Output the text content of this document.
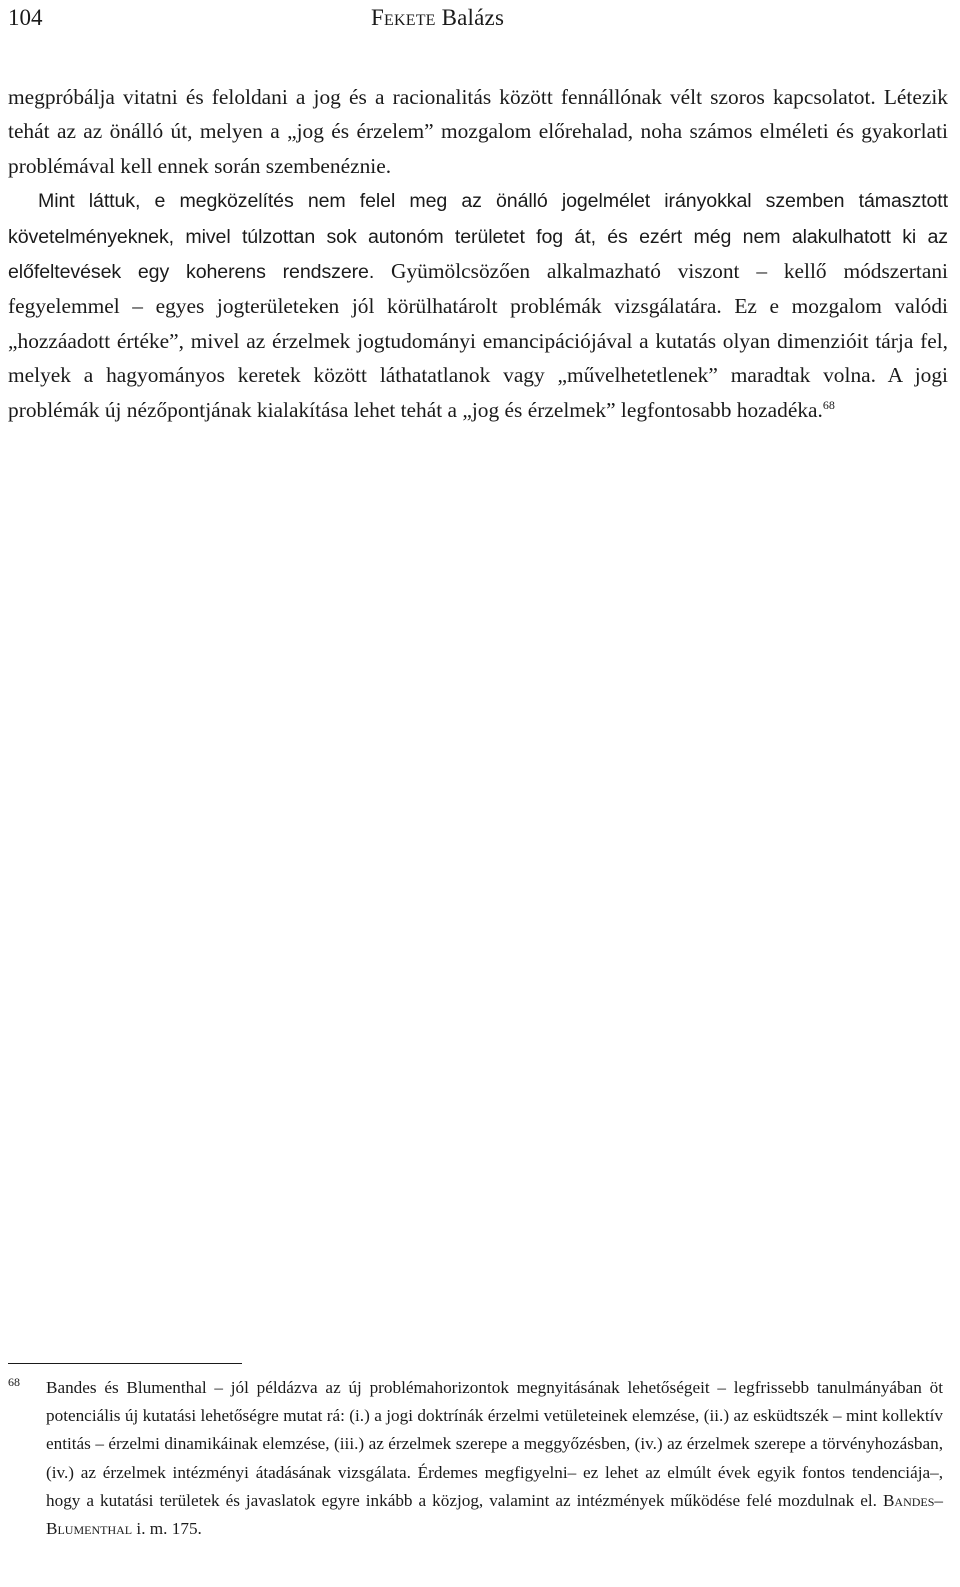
104	Fekete Balázs

megpróbálja vitatni és feloldani a jog és a racionalitás között fennállónak vélt szoros kapcsolatot. Létezik tehát az az önálló út, melyen a „jog és érzelem” mozgalom előrehalad, noha számos elméleti és gyakorlati problémával kell ennek során szembenéznie.

Mint láttuk, e megközelítés nem felel meg az önálló jogelmélet irányokkal szemben támasztott követelményeknek, mivel túlzottan sok autonóm területet fog át, és ezért még nem alakulhatott ki az előfeltevések egy koherens rendszere. Gyümölcsözően alkalmazható viszont – kellő módszertani fegyelemmel – egyes jogterületeken jól körülhatárolt problémák vizsgálatára. Ez e mozgalom valódi „hozzáadott értéke”, mivel az érzelmek jogtudományi emancipációjával a kutatás olyan dimenzióit tárja fel, melyek a hagyományos keretek között láthatatlanok vagy „művelhetetlenek” maradtak volna. A jogi problémák új nézőpontjának kialakítása lehet tehát a „jog és érzelmek” legfontosabb hozadéka.$^{68}$

68 Bandes és Blumenthal – jól példázva az új problémahorizontok megnyitásának lehetőségeit – legfrissebb tanulmányában öt potenciális új kutatási lehetőségre mutat rá: (i.) a jogi doktrínák érzelmi vetületeinek elemzése, (ii.) az esküdtszék – mint kollektív entitás – érzelmi dinamikáinak elemzése, (iii.) az érzelmek szerepe a meggyőzésben, (iv.) az érzelmek szerepe a törvényhozásban, (iv.) az érzelmek intézményi átadásának vizsgálata. Érdemes megfigyelni– ez lehet az elmúlt évek egyik fontos tendenciája–, hogy a kutatási területek és javaslatok egyre inkább a közjog, valamint az intézmények működése felé mozdulnak el. Bandes–Blumenthal i. m. 175.
